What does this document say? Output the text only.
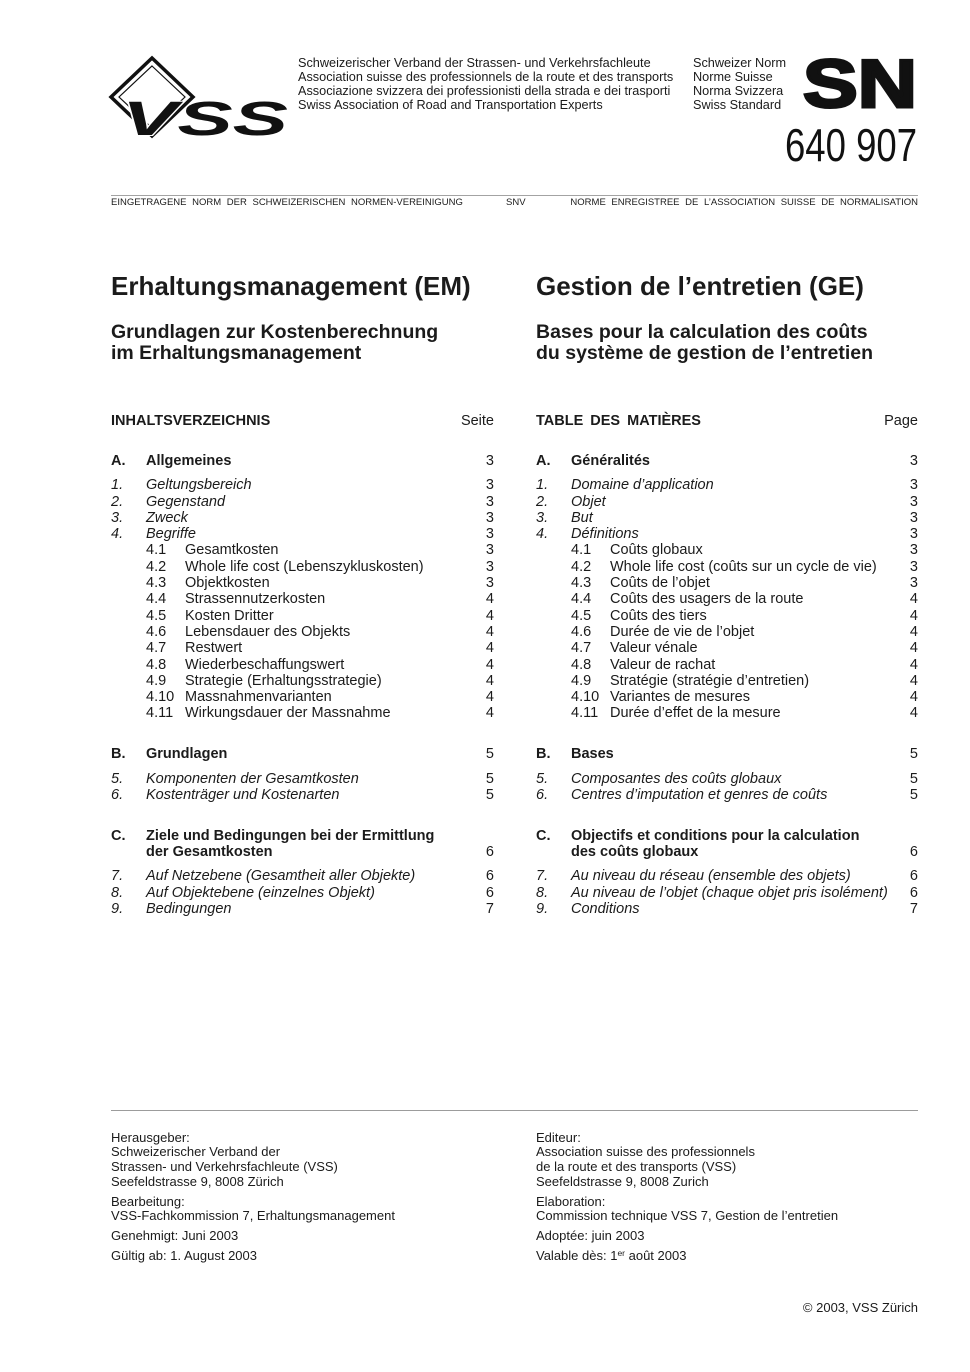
VSS
Schweizerischer Verband der Strassen- und Verkehrsfachleute
Association suisse des professionnels de la route et des transports
Associazione svizzera dei professionisti della strada e dei trasporti
Swiss Association of Road and Transportation Experts
Schweizer Norm
Norme Suisse
Norma Svizzera
Swiss Standard SN
640 907
EINGETRAGENE NORM DER SCHWEIZERISCHEN NORMEN-VEREINIGUNG	SNV	NORME ENREGISTREE DE L’ASSOCIATION SUISSE DE NORMALISATION
Erhaltungsmanagement (EM)
Grundlagen zur Kostenberechnung
im Erhaltungsmanagement
Gestion de l’entretien (GE)
Bases pour la calculation des coûts
du système de gestion de l’entretien
INHALTSVERZEICHNIS	Seite
A.	Allgemeines	3
1.	Geltungsbereich	3
2.	Gegenstand	3
3.	Zweck	3
4.	Begriffe	3
4.1	Gesamtkosten	3
4.2	Whole life cost (Lebenszykluskosten)	3
4.3	Objektkosten	3
4.4	Strassennutzerkosten	4
4.5	Kosten Dritter	4
4.6	Lebensdauer des Objekts	4
4.7	Restwert	4
4.8	Wiederbeschaffungswert	4
4.9	Strategie (Erhaltungsstrategie)	4
4.10 Massnahmenvarianten	4
4.11 Wirkungsdauer der Massnahme	4
B.	Grundlagen	5
5.	Komponenten der Gesamtkosten	5
6.	Kostenträger und Kostenarten	5
C.	Ziele und Bedingungen bei der Ermittlung
der Gesamtkosten	6
7.	Auf Netzebene (Gesamtheit aller Objekte)	6
8.	Auf Objektebene (einzelnes Objekt)	6
9.	Bedingungen	7
TABLE DES MATIÈRES	Page
A.	Généralités	3
1.	Domaine d’application	3
2.	Objet	3
3.	But	3
4.	Définitions	3
4.1	Coûts globaux	3
4.2	Whole life cost (coûts sur un cycle de vie)	3
4.3	Coûts de l’objet	3
4.4	Coûts des usagers de la route	4
4.5	Coûts des tiers	4
4.6	Durée de vie de l’objet	4
4.7	Valeur vénale	4
4.8	Valeur de rachat	4
4.9	Stratégie (stratégie d’entretien)	4
4.10 Variantes de mesures	4
4.11 Durée d’effet de la mesure	4
B.	Bases	5
5.	Composantes des coûts globaux	5
6.	Centres d’imputation et genres de coûts	5
C.	Objectifs et conditions pour la calculation
des coûts globaux	6
7.	Au niveau du réseau (ensemble des objets)	6
8.	Au niveau de l’objet (chaque objet pris isolément)	6
9.	Conditions	7
Herausgeber:
Schweizerischer Verband der
Strassen- und Verkehrsfachleute (VSS)
Seefeldstrasse 9, 8008 Zürich
Bearbeitung:
VSS-Fachkommission 7, Erhaltungsmanagement
Genehmigt: Juni 2003
Gültig ab: 1. August 2003
Editeur:
Association suisse des professionnels
de la route et des transports (VSS)
Seefeldstrasse 9, 8008 Zurich
Elaboration:
Commission technique VSS 7, Gestion de l’entretien
Adoptée: juin 2003
Valable dès: 1er août 2003
© 2003, VSS Zürich
